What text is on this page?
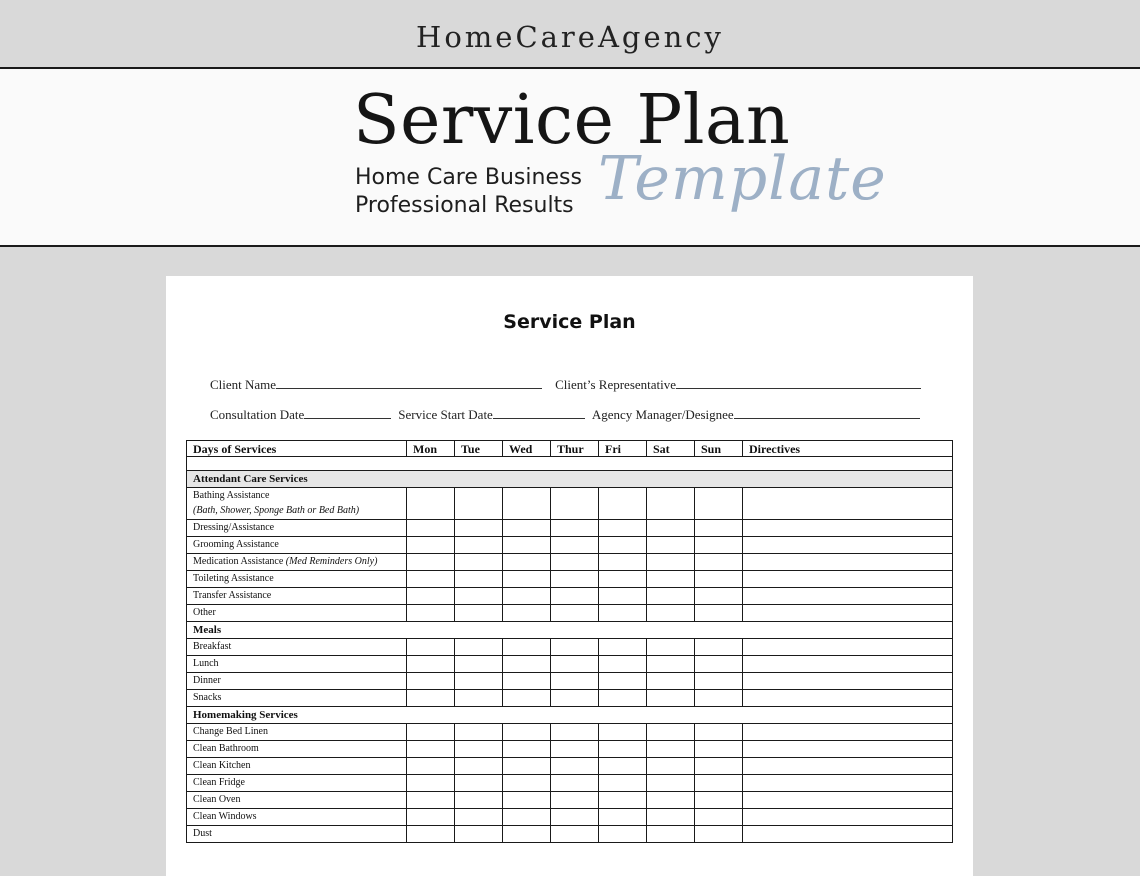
HomeCareAgency
Service Plan
Home Care Business
Professional Results Template
Service Plan
Client Name	Client’s Representative
Consultation Date	Service Start Date	Agency Manager/Designee
Days of Services	Mon	Tue	Wed	Thur	Fri	Sat	Sun	Directives

Attendant Care Services								

Bathing Assistance
(Bath, Shower, Sponge Bath or Bed Bath)								

Dressing/Assistance								
Grooming Assistance								
Medication Assistance (Med Reminders Only)								
Toileting Assistance								
Transfer Assistance								
Other								
Meals								
Breakfast								
Lunch								
Dinner								
Snacks								
Homemaking Services								
Change Bed Linen								
Clean Bathroom								
Clean Kitchen								
Clean Fridge								
Clean Oven								
Clean Windows								
Dust								
